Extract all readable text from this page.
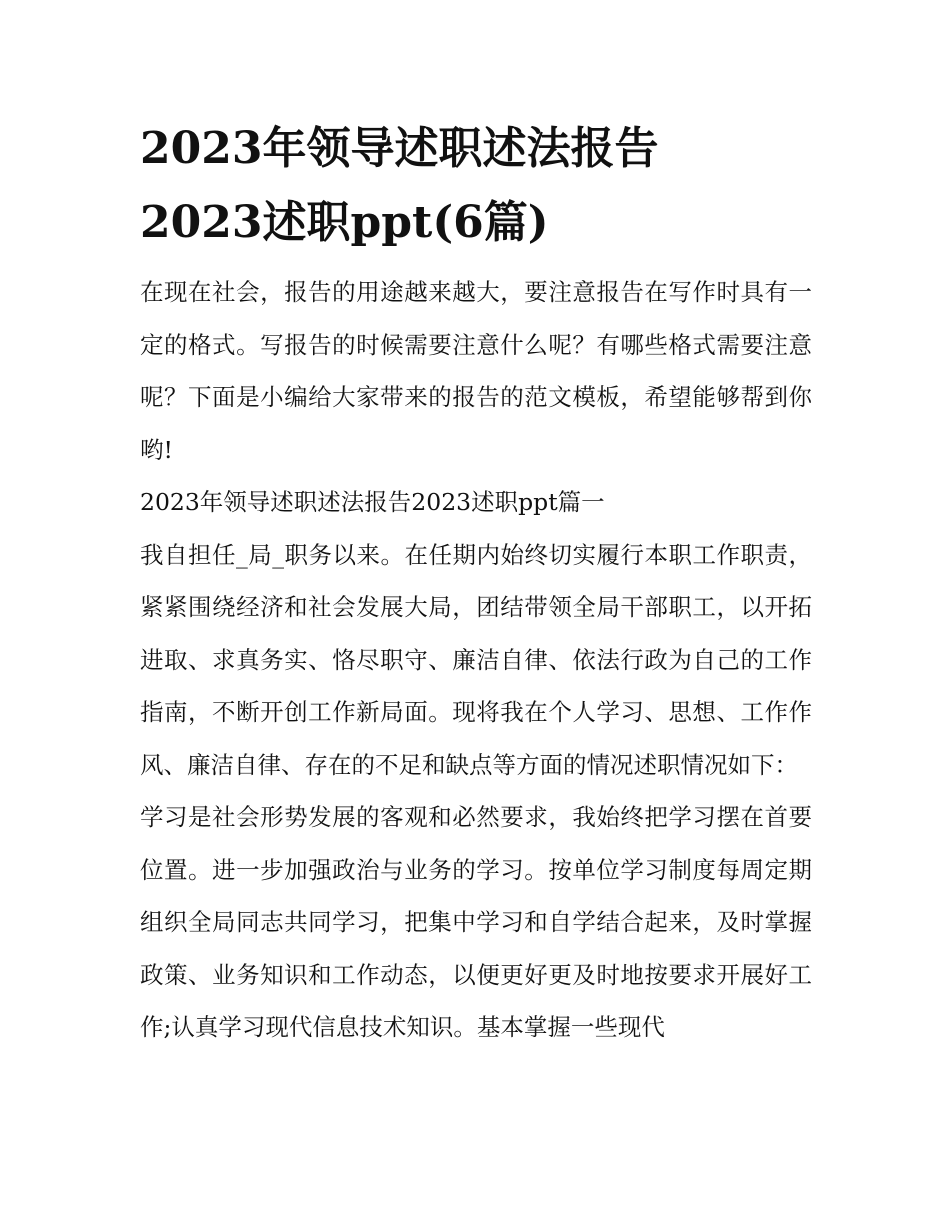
2023年领导述职述法报告
2023述职ppt(6篇)

在现在社会，报告的用途越来越大，要注意报告在写作时具有一定的格式。写报告的时候需要注意什么呢？有哪些格式需要注意呢？下面是小编给大家带来的报告的范文模板，希望能够帮到你哟!

2023年领导述职述法报告2023述职ppt篇一

我自担任_局_职务以来。在任期内始终切实履行本职工作职责，紧紧围绕经济和社会发展大局，团结带领全局干部职工，以开拓进取、求真务实、恪尽职守、廉洁自律、依法行政为自己的工作指南，不断开创工作新局面。现将我在个人学习、思想、工作作风、廉洁自律、存在的不足和缺点等方面的情况述职情况如下：

学习是社会形势发展的客观和必然要求，我始终把学习摆在首要位置。进一步加强政治与业务的学习。按单位学习制度每周定期组织全局同志共同学习，把集中学习和自学结合起来，及时掌握政策、业务知识和工作动态，以便更好更及时地按要求开展好工作;认真学习现代信息技术知识。基本掌握一些现代
